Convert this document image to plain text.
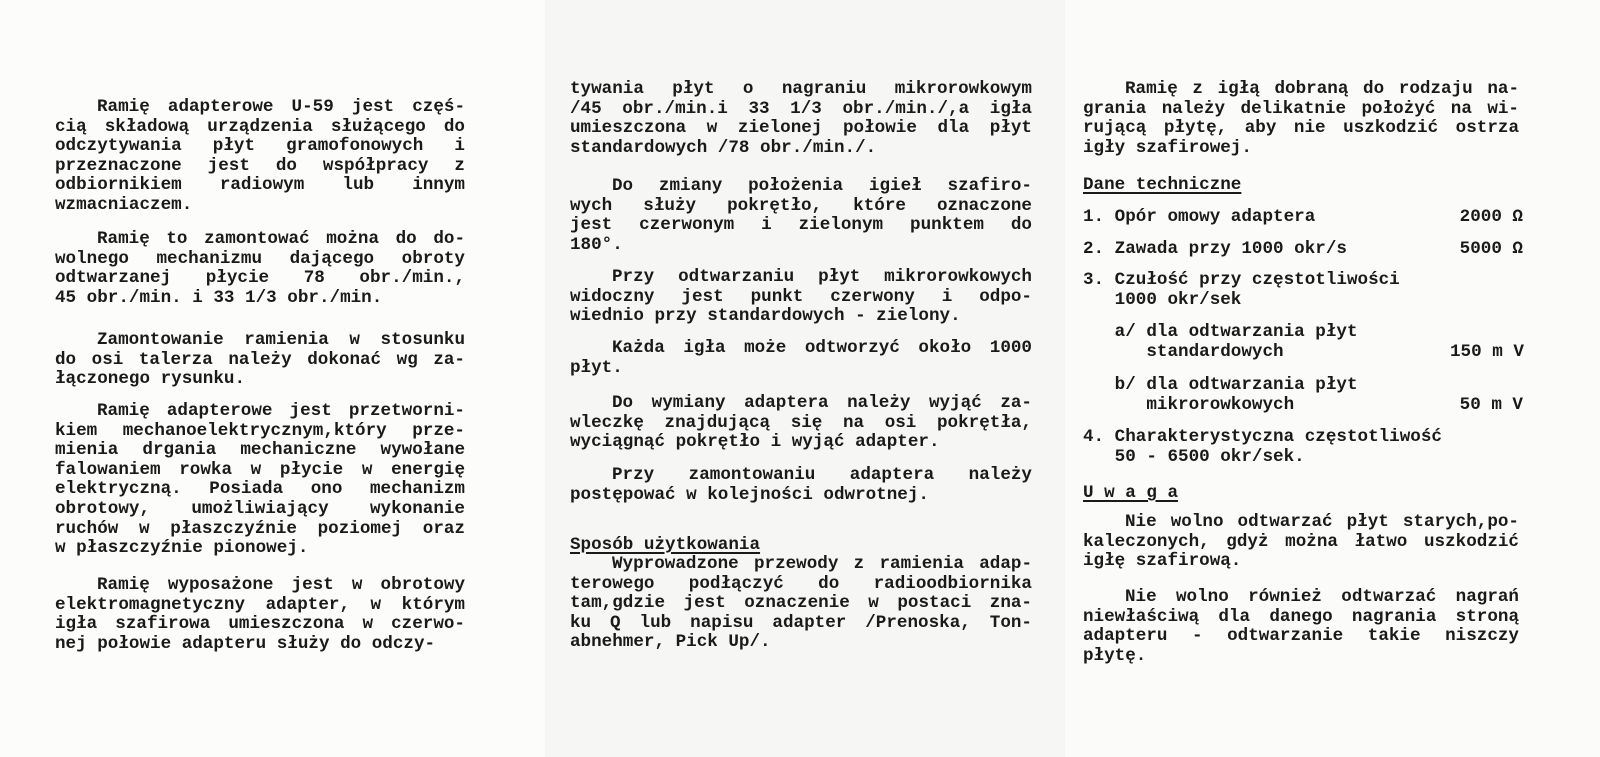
Ramię adapterowe U-59 jest częś-
cią składową urządzenia służącego do
odczytywania płyt gramofonowych i
przeznaczone jest do współpracy z
odbiornikiem radiowym lub innym
wzmacniaczem.
Ramię to zamontować można do do-
wolnego mechanizmu dającego obroty
odtwarzanej płycie 78 obr./min.,
45 obr./min. i 33 1/3 obr./min.
Zamontowanie ramienia w stosunku
do osi talerza należy dokonać wg za-
łączonego rysunku.
Ramię adapterowe jest przetworni-
kiem mechanoelektrycznym,który prze-
mienia drgania mechaniczne wywołane
falowaniem rowka w płycie w energię
elektryczną. Posiada ono mechanizm
obrotowy, umożliwiający wykonanie
ruchów w płaszczyźnie poziomej oraz
w płaszczyźnie pionowej.
Ramię wyposażone jest w obrotowy
elektromagnetyczny adapter, w którym
igła szafirowa umieszczona w czerwo-
nej połowie adapteru służy do odczy-
tywania płyt o nagraniu mikrorowkowym
/45 obr./min.i 33 1/3 obr./min./,a igła
umieszczona w zielonej połowie dla płyt
standardowych /78 obr./min./.
Do zmiany położenia igieł szafiro-
wych służy pokrętło, które oznaczone
jest czerwonym i zielonym punktem do
180°.
Przy odtwarzaniu płyt mikrorowkowych
widoczny jest punkt czerwony i odpo-
wiednio przy standardowych - zielony.
Każda igła może odtworzyć około 1000
płyt.
Do wymiany adaptera należy wyjąć za-
wleczkę znajdującą się na osi pokrętła,
wyciągnąć pokrętło i wyjąć adapter.
Przy zamontowaniu adaptera należy
postępować w kolejności odwrotnej.
Sposób użytkowania
Wyprowadzone przewody z ramienia adap-
terowego podłączyć do radioodbiornika
tam,gdzie jest oznaczenie w postaci zna-
ku Q lub napisu adapter /Prenoska, Ton-
abnehmer, Pick Up/.
Ramię z igłą dobraną do rodzaju na-
grania należy delikatnie położyć na wi-
rującą płytę, aby nie uszkodzić ostrza
igły szafirowej.
Dane techniczne
1. Opór omowy adaptera	2000 Ω
2. Zawada przy 1000 okr/s	5000 Ω
3. Czułość przy częstotliwości
1000 okr/sek
a/ dla odtwarzania płyt
standardowych	150 m V
b/ dla odtwarzania płyt
mikrorowkowych	50 m V
4. Charakterystyczna częstotliwość
50 - 6500 okr/sek.
U w a g a
Nie wolno odtwarzać płyt starych,po-
kaleczonych, gdyż można łatwo uszkodzić
igłę szafirową.
Nie wolno również odtwarzać nagrań
niewłaściwą dla danego nagrania stroną
adapteru - odtwarzanie takie niszczy
płytę.
